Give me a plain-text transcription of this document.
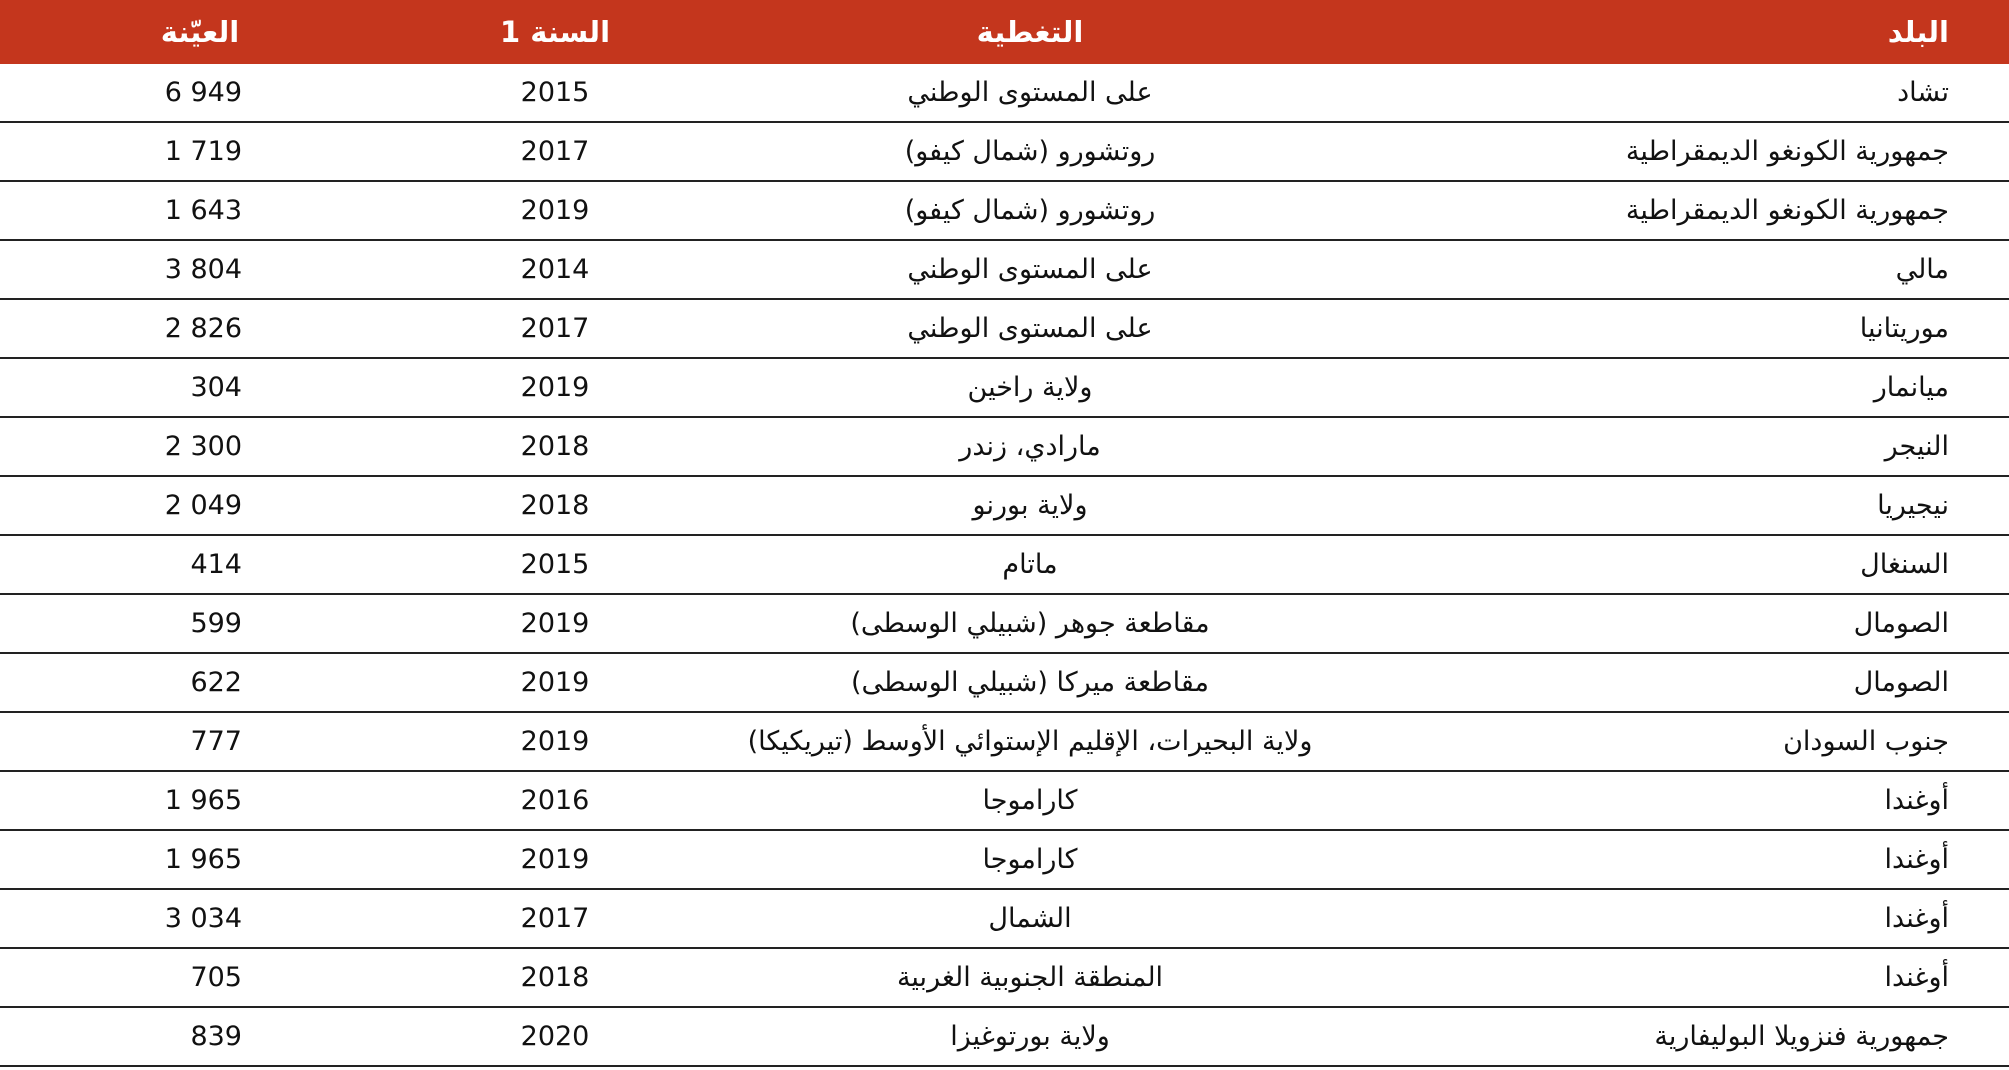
البلد
التغطية
السنة 1
العيّنة
تشاد
على المستوى الوطني
2015
6 949
جمهورية الكونغو الديمقراطية
روتشورو (شمال كيفو)
2017
1 719
جمهورية الكونغو الديمقراطية
روتشورو (شمال كيفو)
2019
1 643
مالي
على المستوى الوطني
2014
3 804
موريتانيا
على المستوى الوطني
2017
2 826
ميانمار
ولاية راخين
2019
304
النيجر
مارادي، زندر
2018
2 300
نيجيريا
ولاية بورنو
2018
2 049
السنغال
ماتام
2015
414
الصومال
مقاطعة جوهر (شبيلي الوسطى)
2019
599
الصومال
مقاطعة ميركا (شبيلي الوسطى)
2019
622
جنوب السودان
ولاية البحيرات، الإقليم الإستوائي الأوسط (تيريكيكا)
2019
777
أوغندا
كاراموجا
2016
1 965
أوغندا
كاراموجا
2019
1 965
أوغندا
الشمال
2017
3 034
أوغندا
المنطقة الجنوبية الغربية
2018
705
جمهورية فنزويلا البوليفارية
ولاية بورتوغيزا
2020
839
